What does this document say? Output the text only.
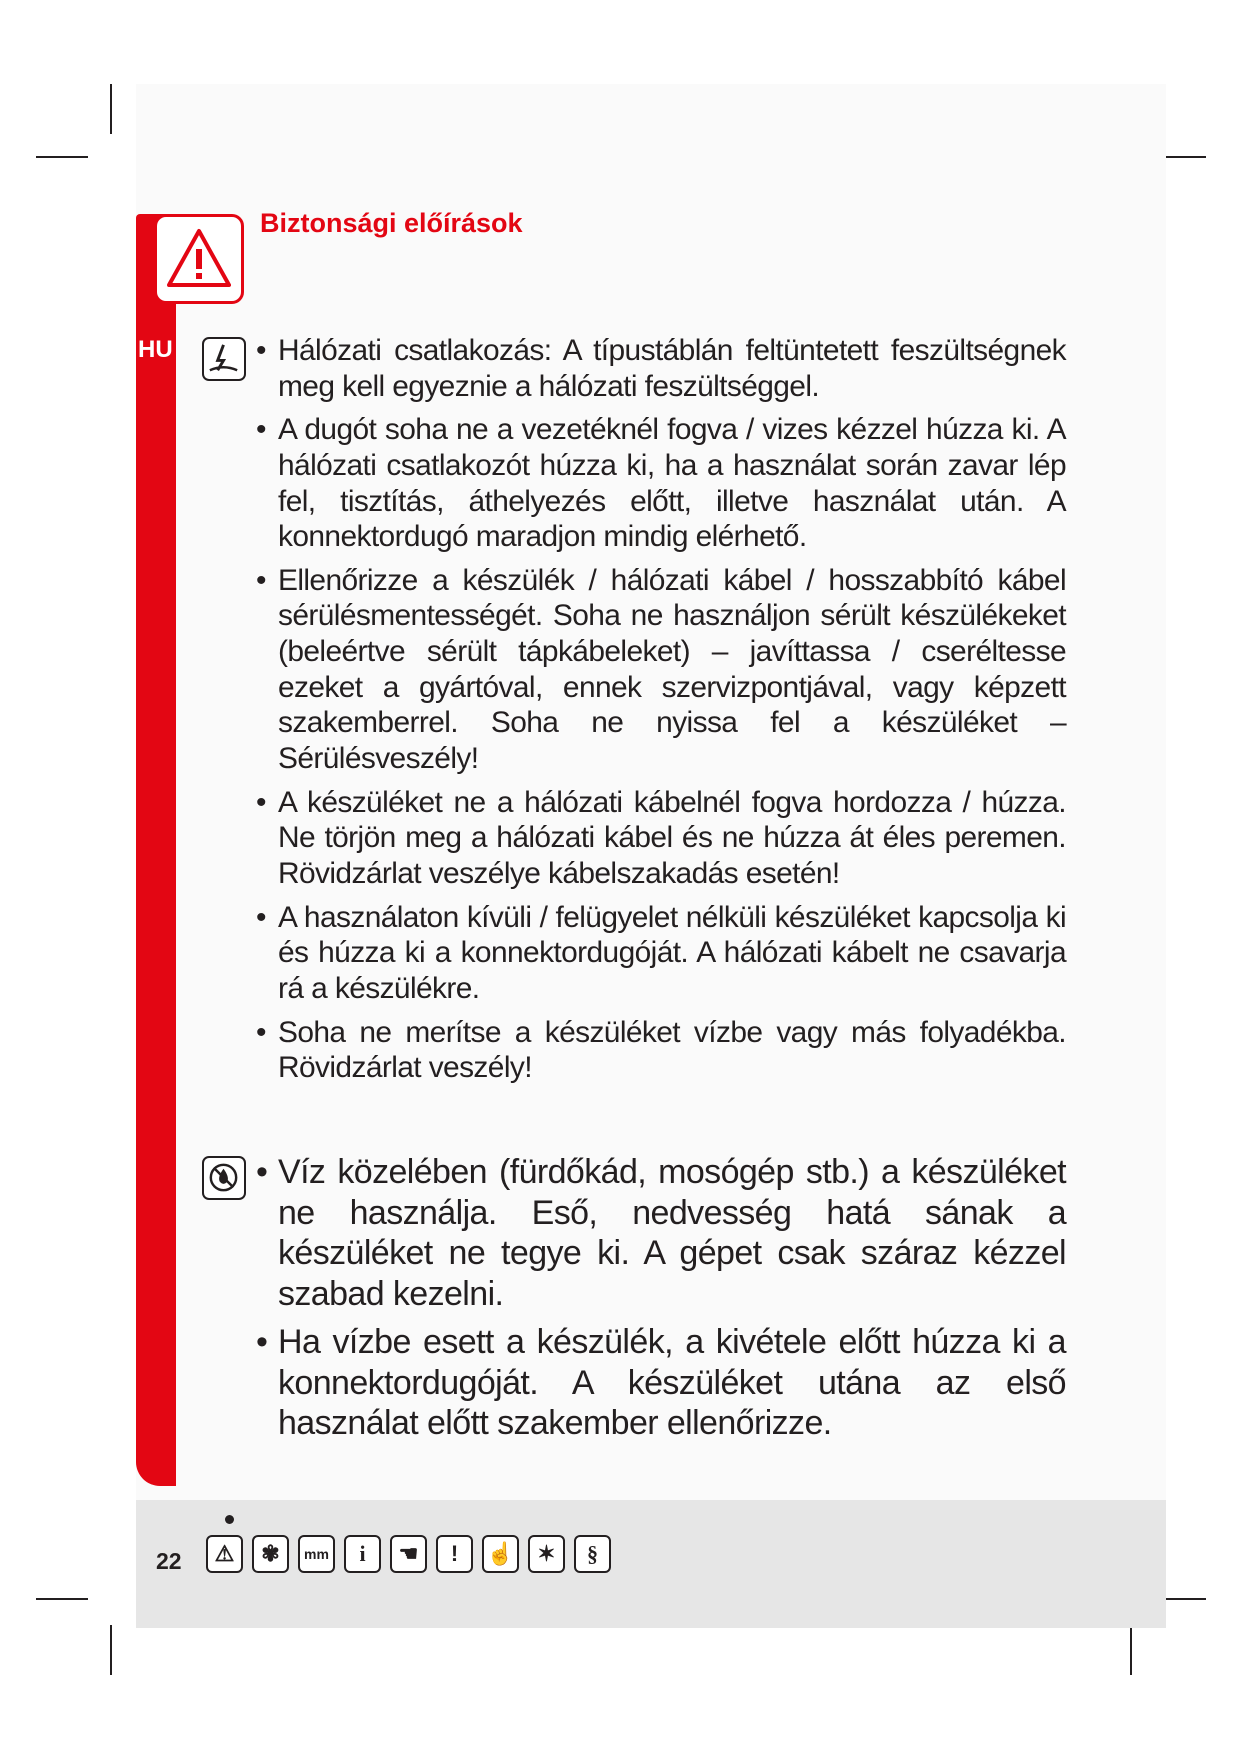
Biztonsági előírások
HU
•	Hálózati csatlakozás: A típustáblán feltüntetett feszültségnek meg kell egyeznie a hálózati feszültséggel.
• A dugót soha ne a vezetéknél fogva / vizes kézzel húzza ki. A hálózati csatlakozót húzza ki, ha a használat során zavar lép fel, tisztítás, áthelyezés előtt, illetve használat után. A konnektordugó maradjon mindig elérhető.
• Ellenőrizze a készülék / hálózati kábel / hosszabbító kábel sérülésmentességét. Soha ne használjon sérült készülékeket (beleértve sérült tápkábeleket) – javíttassa / cseréltesse ezeket a gyártóval, ennek szervizpontjával, vagy képzett szakemberrel. Soha ne nyissa fel a készüléket – Sérülésveszély!
• A készüléket ne a hálózati kábelnél fogva hordozza / húzza. Ne törjön meg a hálózati kábel és ne húzza át éles peremen. Rövidzárlat veszélye kábelszakadás esetén!
• A használaton kívüli / felügyelet nélküli készüléket kapcsolja ki és húzza ki a konnektordugóját. A hálózati kábelt ne csavarja rá a készülékre.
• Soha ne merítse a készüléket vízbe vagy más folyadékba. Rövidzárlat veszély!
• Víz közelében (fürdőkád, mosógép stb.) a készüléket ne használja. Eső, nedvesség hatá sának a készüléket ne tegye ki. A gépet csak száraz kézzel szabad kezelni.
• Ha vízbe esett a készülék, a kivétele előtt húzza ki a konnektordugóját. A készüléket utána az első használat előtt szakember ellenőrizze.
22	⚠	✾	mm	i	☚	!	☝	✶	§
